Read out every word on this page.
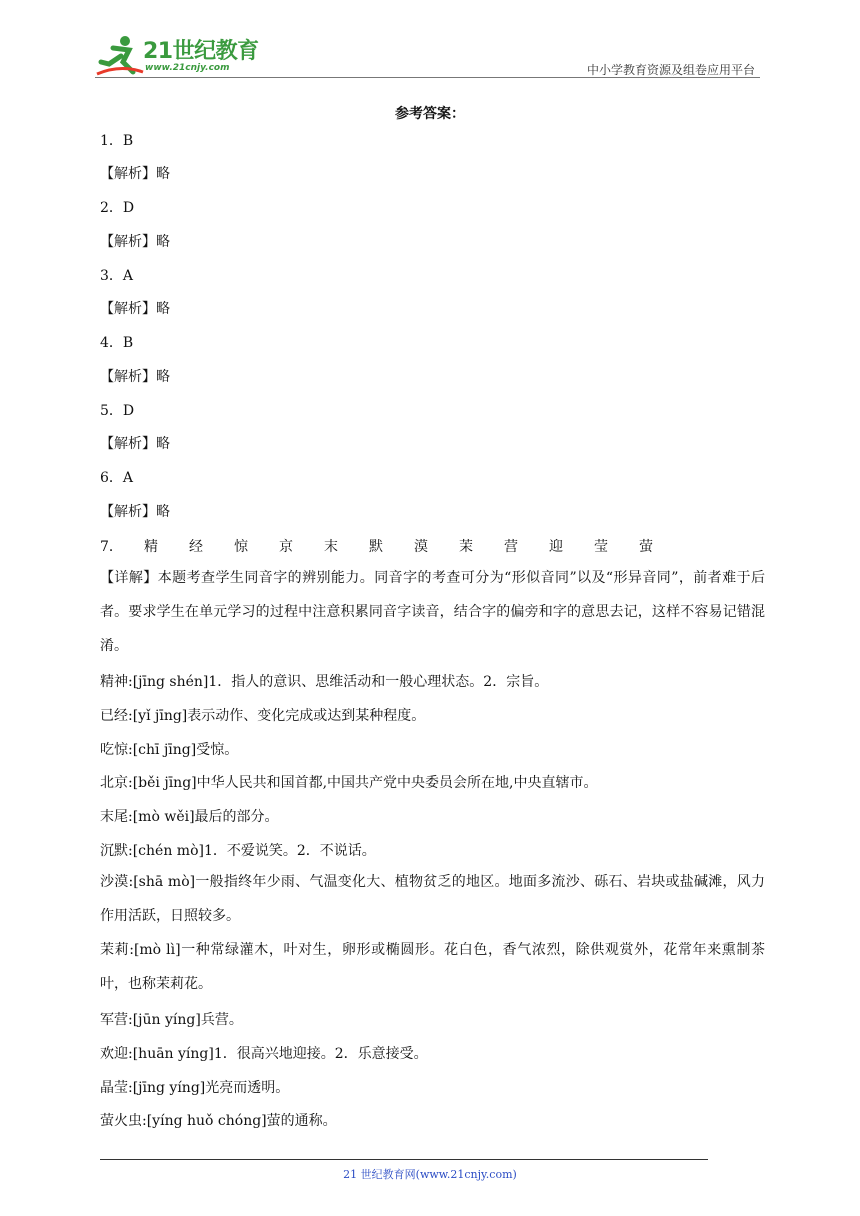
21世纪教育
www.21cnjy.com	中小学教育资源及组卷应用平台
参考答案：
1．B
【解析】略
2．D
【解析】略
3．A
【解析】略
4．B
【解析】略
5．D
【解析】略
6．A
【解析】略
7．	精 经 惊 京 末 默 漠 茉 营 迎 莹 萤
【详解】本题考查学生同音字的辨别能力。同音字的考查可分为“形似音同”以及“形异音同”，前者难于后者。要求学生在单元学习的过程中注意积累同音字读音，结合字的偏旁和字的意思去记，这样不容易记错混淆。
精神:[jīng shén]1．指人的意识、思维活动和一般心理状态。2．宗旨。
已经:[yǐ jīng]表示动作、变化完成或达到某种程度。
吃惊:[chī jīng]受惊。
北京:[běi jīng]中华人民共和国首都,中国共产党中央委员会所在地,中央直辖市。
末尾:[mò wěi]最后的部分。
沉默:[chén mò]1．不爱说笑。2．不说话。
沙漠:[shā mò]一般指终年少雨、气温变化大、植物贫乏的地区。地面多流沙、砾石、岩块或盐碱滩，风力作用活跃，日照较多。
茉莉:[mò lì]一种常绿灌木，叶对生，卵形或椭圆形。花白色，香气浓烈，除供观赏外，花常年来熏制茶叶，也称茉莉花。
军营:[jūn yíng]兵营。
欢迎:[huān yíng]1．很高兴地迎接。2．乐意接受。
晶莹:[jīng yíng]光亮而透明。
萤火虫:[yíng huǒ chóng]萤的通称。
21 世纪教育网(www.21cnjy.com)
